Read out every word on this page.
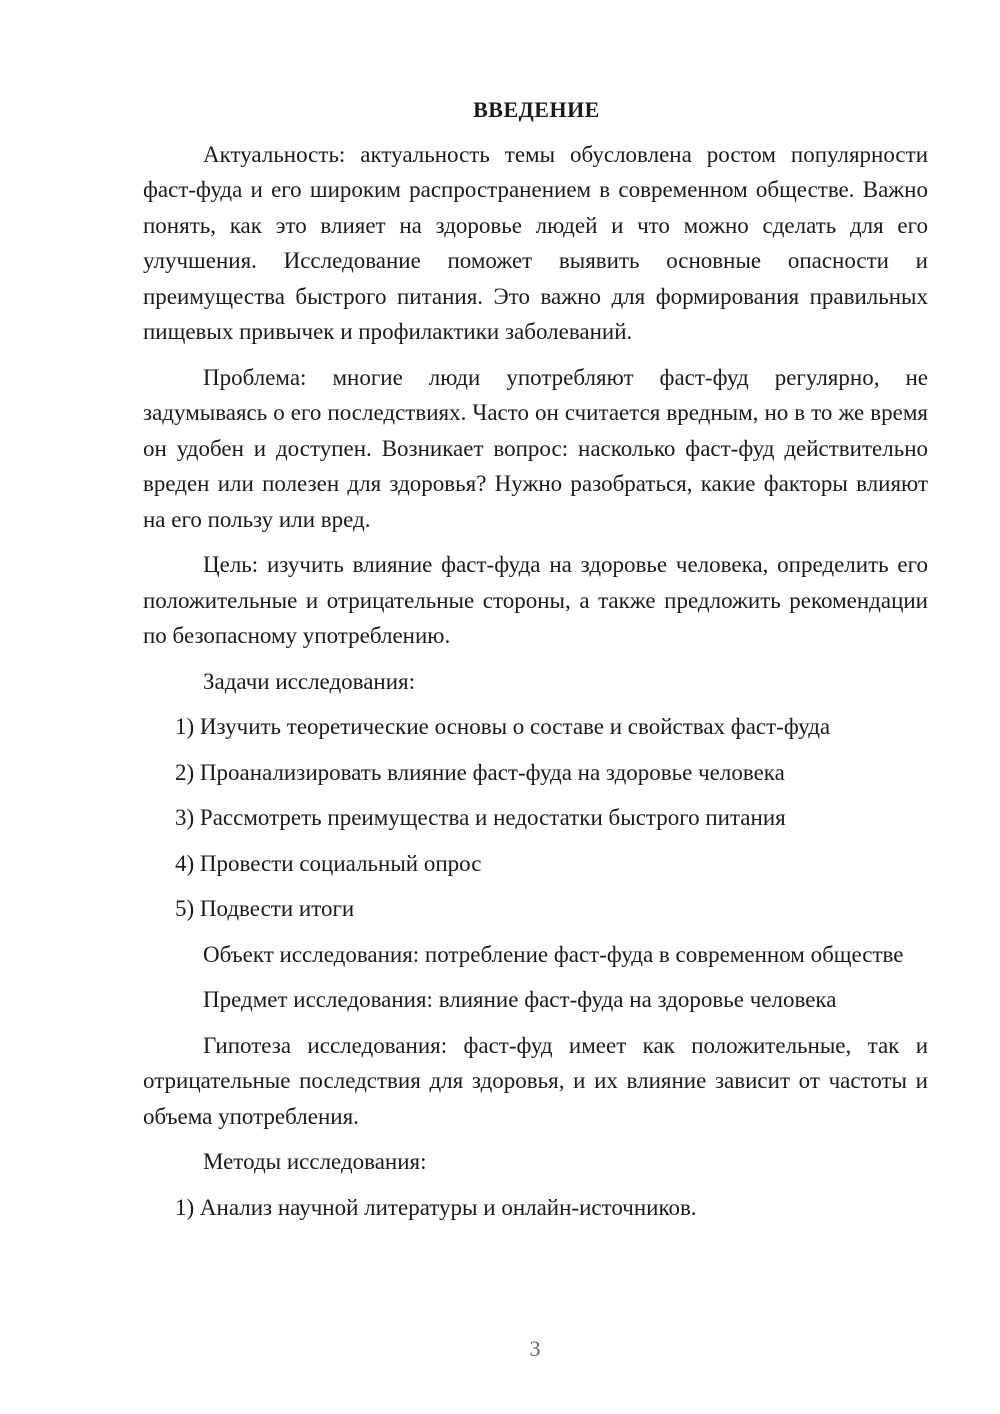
ВВЕДЕНИЕ

Актуальность: актуальность темы обусловлена ростом популярности фаст-фуда и его широким распространением в современном обществе. Важно понять, как это влияет на здоровье людей и что можно сделать для его улучшения. Исследование поможет выявить основные опасности и преимущества быстрого питания. Это важно для формирования правильных пищевых привычек и профилактики заболеваний.

Проблема: многие люди употребляют фаст-фуд регулярно, не задумываясь о его последствиях. Часто он считается вредным, но в то же время он удобен и доступен. Возникает вопрос: насколько фаст-фуд действительно вреден или полезен для здоровья? Нужно разобраться, какие факторы влияют на его пользу или вред.

Цель: изучить влияние фаст-фуда на здоровье человека, определить его положительные и отрицательные стороны, а также предложить рекомендации по безопасному употреблению.

Задачи исследования:

1) Изучить теоретические основы о составе и свойствах фаст-фуда

2) Проанализировать влияние фаст-фуда на здоровье человека

3) Рассмотреть преимущества и недостатки быстрого питания

4) Провести социальный опрос

5) Подвести итоги

Объект исследования: потребление фаст-фуда в современном обществе

Предмет исследования: влияние фаст-фуда на здоровье человека

Гипотеза исследования: фаст-фуд имеет как положительные, так и отрицательные последствия для здоровья, и их влияние зависит от частоты и объема употребления.

Методы исследования:

1) Анализ научной литературы и онлайн-источников.

3
